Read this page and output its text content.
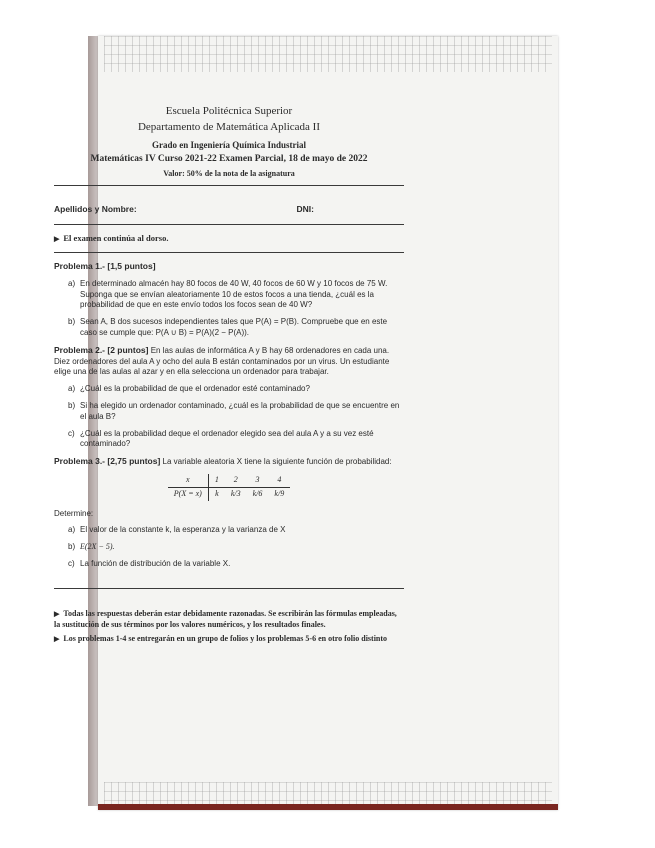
Escuela Politécnica Superior
Departamento de Matemática Aplicada II
Grado en Ingeniería Química Industrial
Matemáticas IV Curso 2021-22 Examen Parcial, 18 de mayo de 2022
Valor: 50% de la nota de la asignatura
Apellidos y Nombre:	DNI:
▶ El examen continúa al dorso.
Problema 1.- [1,5 puntos]
a) En determinado almacén hay 80 focos de 40 W, 40 focos de 60 W y 10 focos de 75 W. Suponga que se envían aleatoriamente 10 de estos focos a una tienda, ¿cuál es la probabilidad de que en este envío todos los focos sean de 40 W?
b) Sean A, B dos sucesos independientes tales que P(A) = P(B). Compruebe que en este caso se cumple que: P(A ∪ B) = P(A)(2 − P(A)).
Problema 2.- [2 puntos] En las aulas de informática A y B hay 68 ordenadores en cada una. Diez ordenadores del aula A y ocho del aula B están contaminados por un virus. Un estudiante elige una de las aulas al azar y en ella selecciona un ordenador para trabajar.
a) ¿Cuál es la probabilidad de que el ordenador esté contaminado?
b) Si ha elegido un ordenador contaminado, ¿cuál es la probabilidad de que se encuentre en el aula B?
c) ¿Cuál es la probabilidad deque el ordenador elegido sea del aula A y a su vez esté contaminado?
Problema 3.- [2,75 puntos] La variable aleatoria X tiene la siguiente función de probabilidad:
x	1	2	3	4
P(X = x)	k	k/3	k/6	k/9
Determine:
a) El valor de la constante k, la esperanza y la varianza de X
b) E(2X − 5).
c) La función de distribución de la variable X.

▶ Todas las respuestas deberán estar debidamente razonadas. Se escribirán las fórmulas empleadas, la sustitución de sus términos por los valores numéricos, y los resultados finales.

▶ Los problemas 1-4 se entregarán en un grupo de folios y los problemas 5-6 en otro folio distinto
